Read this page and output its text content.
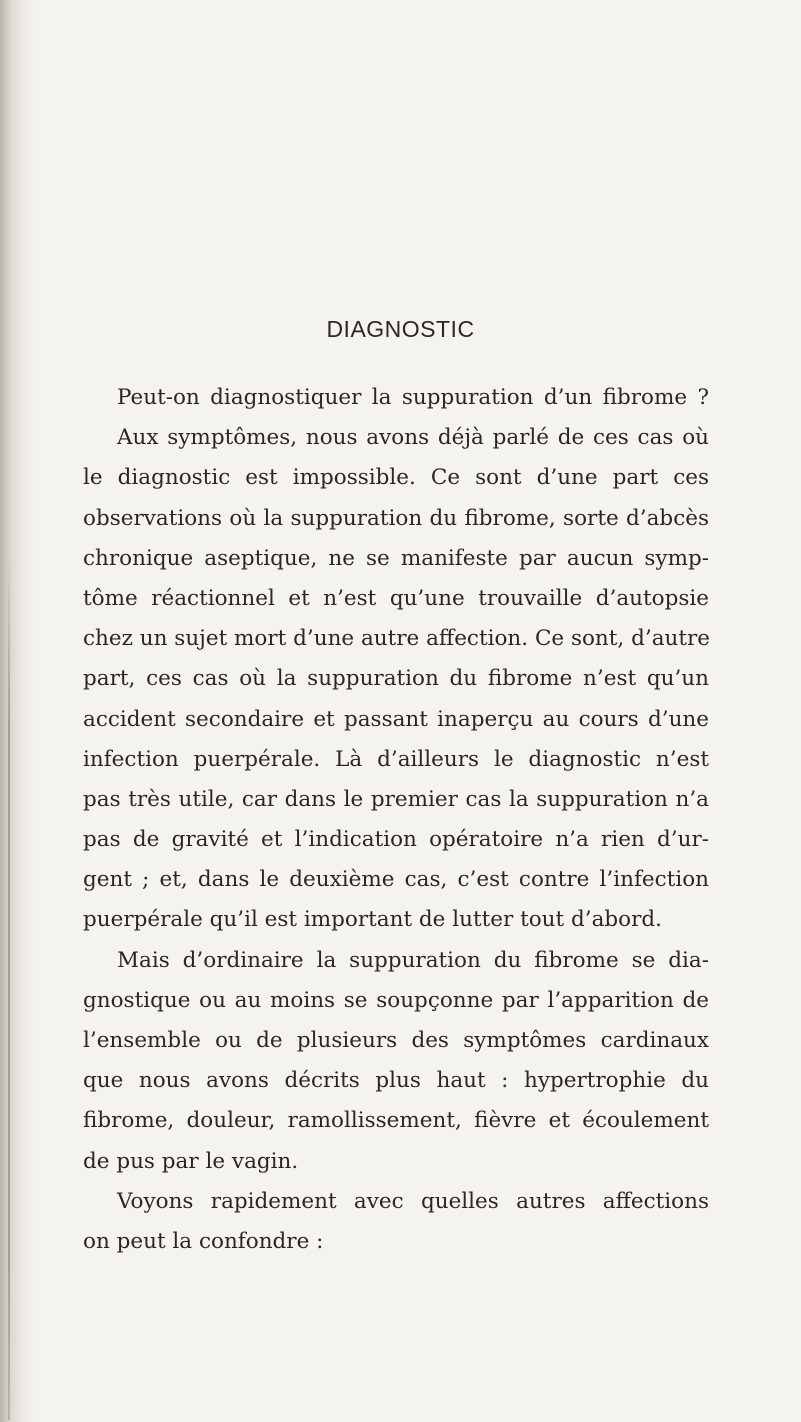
DIAGNOSTIC
Peut-on diagnostiquer la suppuration d’un fibrome ?
Aux symptômes, nous avons déjà parlé de ces cas où
le diagnostic est impossible. Ce sont d’une part ces
observations où la suppuration du fibrome, sorte d’abcès
chronique aseptique, ne se manifeste par aucun symp-
tôme réactionnel et n’est qu’une trouvaille d’autopsie
chez un sujet mort d’une autre affection. Ce sont, d’autre
part, ces cas où la suppuration du fibrome n’est qu’un
accident secondaire et passant inaperçu au cours d’une
infection puerpérale. Là d’ailleurs le diagnostic n’est
pas très utile, car dans le premier cas la suppuration n’a
pas de gravité et l’indication opératoire n’a rien d’ur-
gent ; et, dans le deuxième cas, c’est contre l’infection
puerpérale qu’il est important de lutter tout d’abord.
Mais d’ordinaire la suppuration du fibrome se dia-
gnostique ou au moins se soupçonne par l’apparition de
l’ensemble ou de plusieurs des symptômes cardinaux
que nous avons décrits plus haut : hypertrophie du
fibrome, douleur, ramollissement, fièvre et écoulement
de pus par le vagin.
Voyons rapidement avec quelles autres affections
on peut la confondre :
